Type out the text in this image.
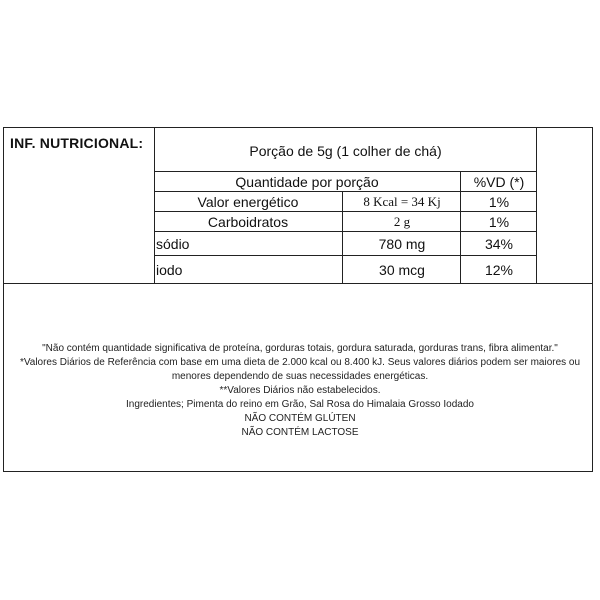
INF. NUTRICIONAL:	Porção de 5g (1 colher de chá)
Quantidade por porção	%VD (*)
Valor energético	8 Kcal = 34 Kj	1%
Carboidratos	2 g	1%
sódio	780 mg	34%
iodo	30 mcg	12%
"Não contém quantidade significativa de proteína, gorduras totais, gordura saturada, gorduras trans, fibra alimentar."
*Valores Diários de Referência com base em uma dieta de 2.000 kcal ou 8.400 kJ. Seus valores diários podem ser maiores ou
menores dependendo de suas necessidades energéticas.
**Valores Diários não estabelecidos.
Ingredientes; Pimenta do reino em Grão, Sal Rosa do Himalaia Grosso Iodado
NÃO CONTÉM GLÚTEN
NÃO CONTÉM LACTOSE
